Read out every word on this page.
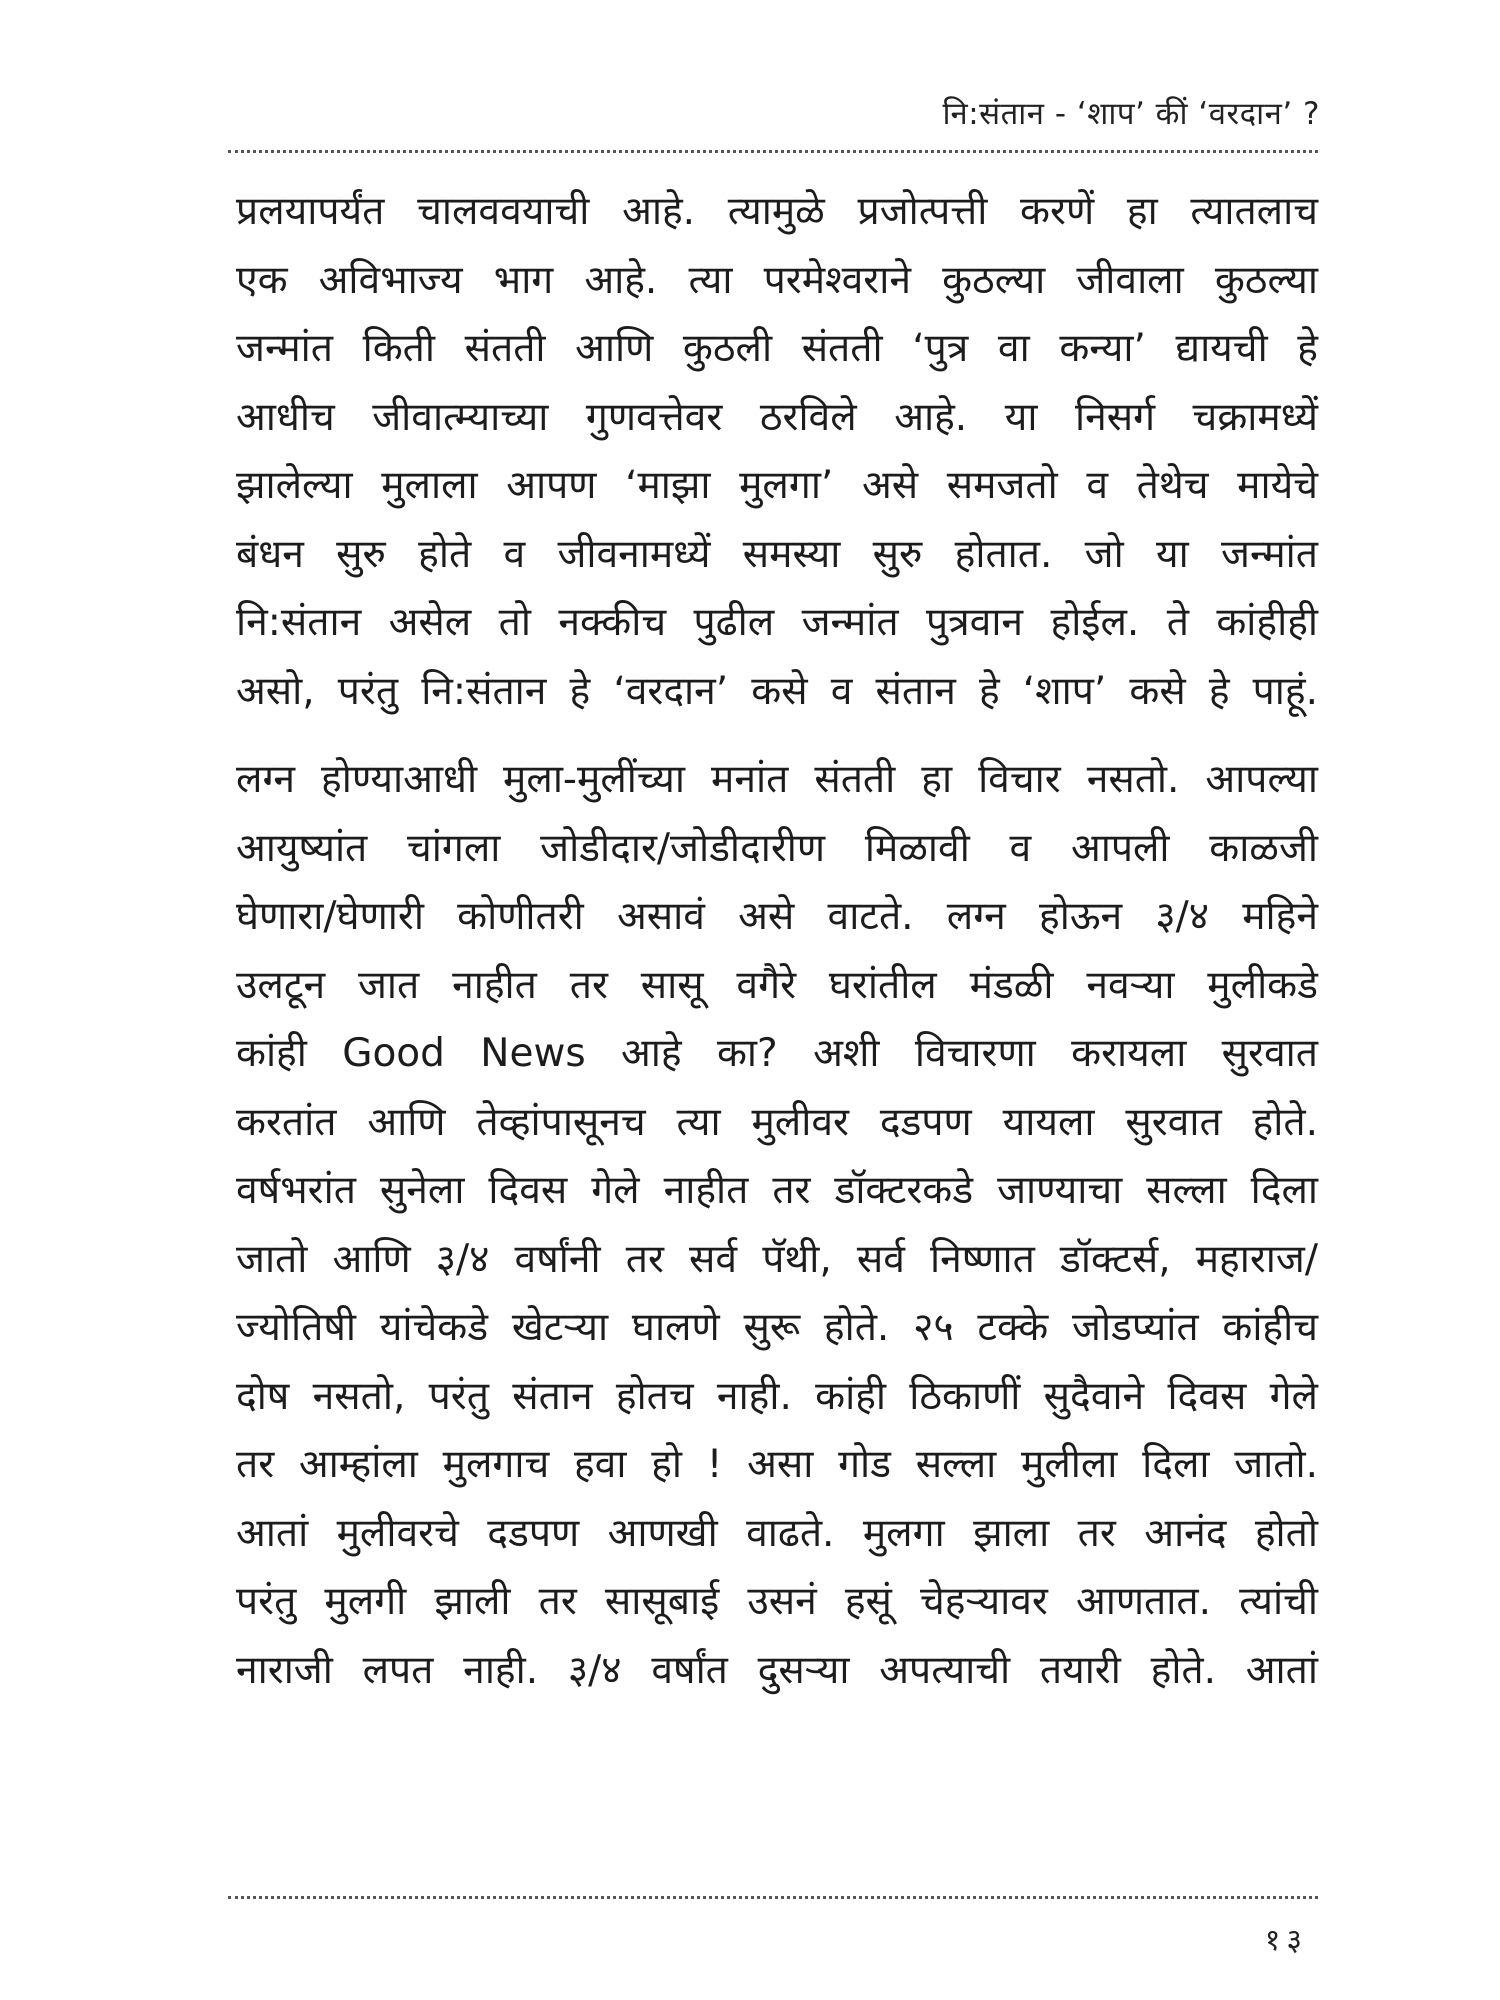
नि:संतान - ‘शाप’ कीं ‘वरदान’ ?

प्रलयापर्यंत चालववयाची आहे. त्यामुळे प्रजोत्पत्ती करणें हा त्यातलाच
एक अविभाज्य भाग आहे. त्या परमेश्वराने कुठल्या जीवाला कुठल्या
जन्मांत किती संतती आणि कुठली संतती ‘पुत्र वा कन्या’ द्यायची हे
आधीच जीवात्म्याच्या गुणवत्तेवर ठरविले आहे. या निसर्ग चक्रामध्यें
झालेल्या मुलाला आपण ‘माझा मुलगा’ असे समजतो व तेथेच मायेचे
बंधन सुरु होते व जीवनामध्यें समस्या सुरु होतात. जो या जन्मांत
नि:संतान असेल तो नक्कीच पुढील जन्मांत पुत्रवान होईल. ते कांहीही
असो, परंतु नि:संतान हे ‘वरदान’ कसे व संतान हे ‘शाप’ कसे हे पाहूं.

लग्न होण्याआधी मुला-मुलींच्या मनांत संतती हा विचार नसतो. आपल्या
आयुष्यांत चांगला जोडीदार/जोडीदारीण मिळावी व आपली काळजी
घेणारा/घेणारी कोणीतरी असावं असे वाटते. लग्न होऊन ३/४ महिने
उलटून जात नाहीत तर सासू वगैरे घरांतील मंडळी नवऱ्या मुलीकडे
कांही Good News आहे का? अशी विचारणा करायला सुरवात
करतांत आणि तेव्हांपासूनच त्या मुलीवर दडपण यायला सुरवात होते.
वर्षभरांत सुनेला दिवस गेले नाहीत तर डॉक्टरकडे जाण्याचा सल्ला दिला
जातो आणि ३/४ वर्षांनी तर सर्व पॅथी, सर्व निष्णात डॉक्टर्स, महाराज/
ज्योतिषी यांचेकडे खेटऱ्या घालणे सुरू होते. २५ टक्के जोडप्यांत कांहीच
दोष नसतो, परंतु संतान होतच नाही. कांही ठिकाणीं सुदैवाने दिवस गेले
तर आम्हांला मुलगाच हवा हो ! असा गोड सल्ला मुलीला दिला जातो.
आतां मुलीवरचे दडपण आणखी वाढते. मुलगा झाला तर आनंद होतो
परंतु मुलगी झाली तर सासूबाई उसनं हसूं चेहऱ्यावर आणतात. त्यांची
नाराजी लपत नाही. ३/४ वर्षांत दुसऱ्या अपत्याची तयारी होते. आतां

१३
